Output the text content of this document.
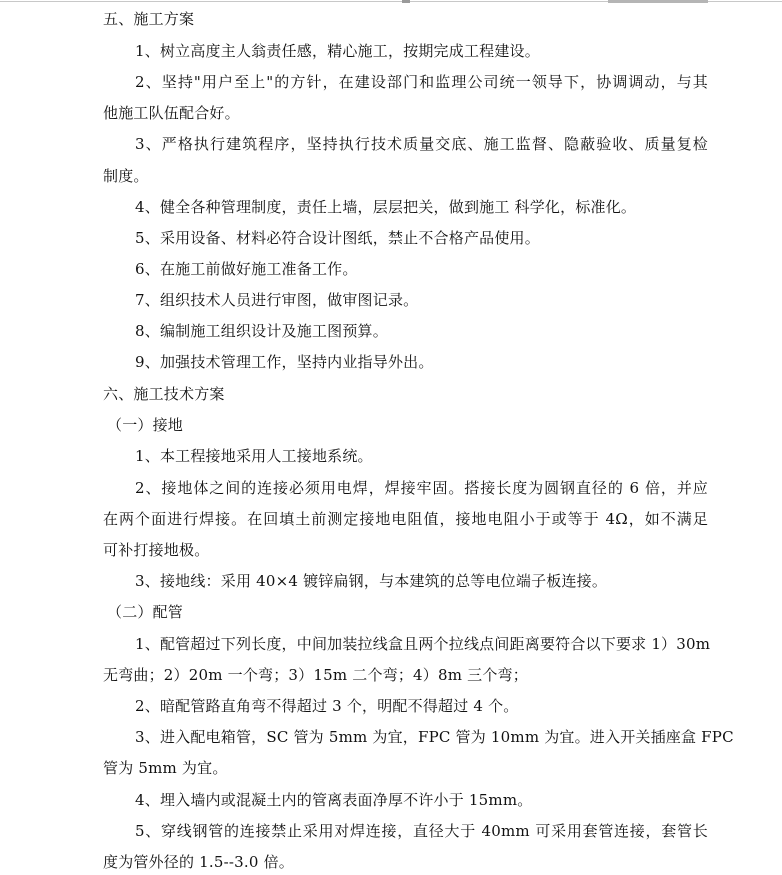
五、施工方案
1、树立高度主人翁责任感，精心施工，按期完成工程建设。
2、坚持"用户至上"的方针，在建设部门和监理公司统一领导下，协调调动，与其
他施工队伍配合好。
3、严格执行建筑程序，坚持执行技术质量交底、施工监督、隐蔽验收、质量复检
制度。
4、健全各种管理制度，责任上墙，层层把关，做到施工 科学化，标准化。
5、采用设备、材料必符合设计图纸，禁止不合格产品使用。
6、在施工前做好施工准备工作。
7、组织技术人员进行审图，做审图记录。
8、编制施工组织设计及施工图预算。
9、加强技术管理工作，坚持内业指导外出。
六、施工技术方案
（一）接地
1、本工程接地采用人工接地系统。
2、接地体之间的连接必须用电焊，焊接牢固。搭接长度为圆钢直径的 6 倍，并应
在两个面进行焊接。在回填土前测定接地电阻值，接地电阻小于或等于 4Ω，如不满足
可补打接地极。
3、接地线：采用 40×4 镀锌扁钢，与本建筑的总等电位端子板连接。
（二）配管
1、配管超过下列长度，中间加装拉线盒且两个拉线点间距离要符合以下要求 1）30m
无弯曲；2）20m 一个弯；3）15m 二个弯；4）8m 三个弯；
2、暗配管路直角弯不得超过 3 个，明配不得超过 4 个。
3、进入配电箱管，SC 管为 5mm 为宜，FPC 管为 10mm 为宜。进入开关插座盒 FPC
管为 5mm 为宜。
4、埋入墙内或混凝土内的管离表面净厚不许小于 15mm。
5、穿线钢管的连接禁止采用对焊连接，直径大于 40mm 可采用套管连接，套管长
度为管外径的 1.5--3.0 倍。
